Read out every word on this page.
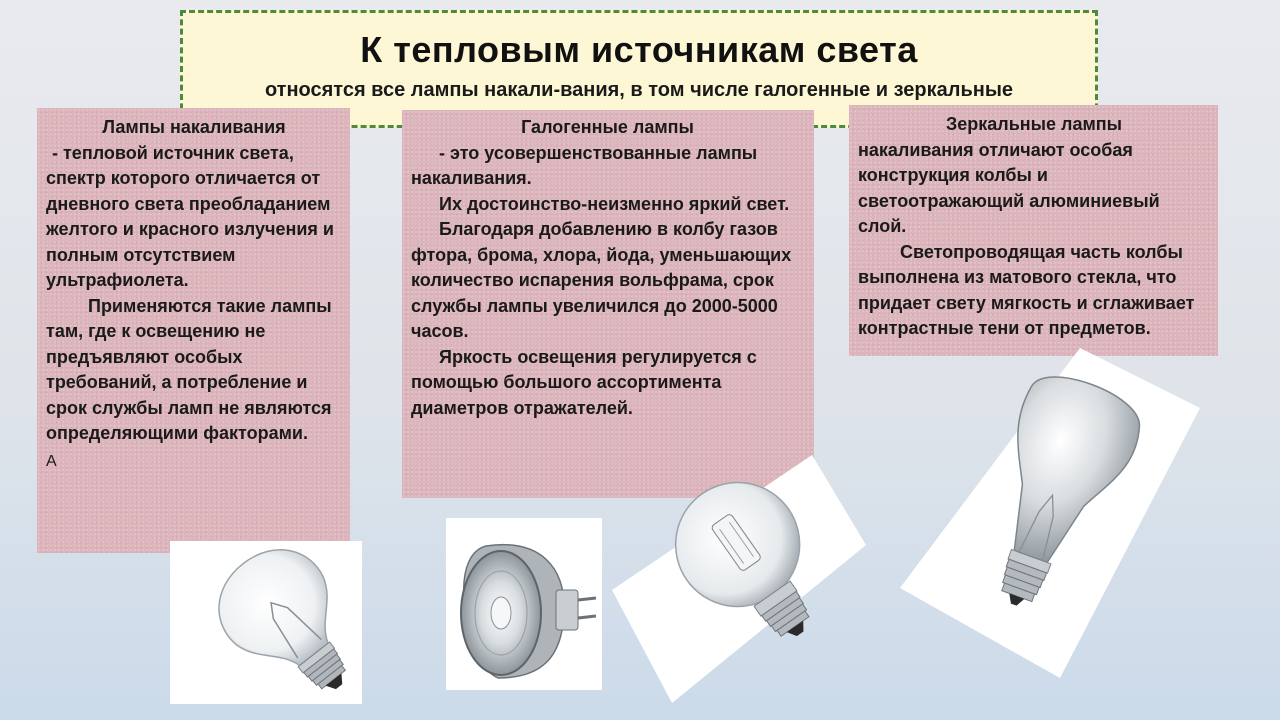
К тепловым источникам света
относятся все лампы накали-вания, в том числе галогенные и зеркальные

Лампы накаливания

- тепловой источник света, спектр которого отличается от дневного света преобладанием желтого и красного излучения и полным отсутствием ультрафиолета.

Применяются такие лампы там, где к освещению не предъявляют особых требований, а потребление и срок службы ламп не являются определяющими факторами.

А

Галогенные лампы

- это усовершенствованные лампы накаливания.

Их достоинство-неизменно яркий свет.

Благодаря добавлению в колбу газов фтора, брома, хлора, йода, уменьшающих количество испарения вольфрама, срок службы лампы увеличился до 2000-5000 часов.

Яркость освещения регулируется с помощью большого ассортимента диаметров отражателей.

Зеркальные лампы

накаливания отличают особая конструкция колбы и светоотражающий алюминиевый слой.

Светопроводящая часть колбы выполнена из матового стекла, что придает свету мягкость и сглаживает контрастные тени от предметов.
